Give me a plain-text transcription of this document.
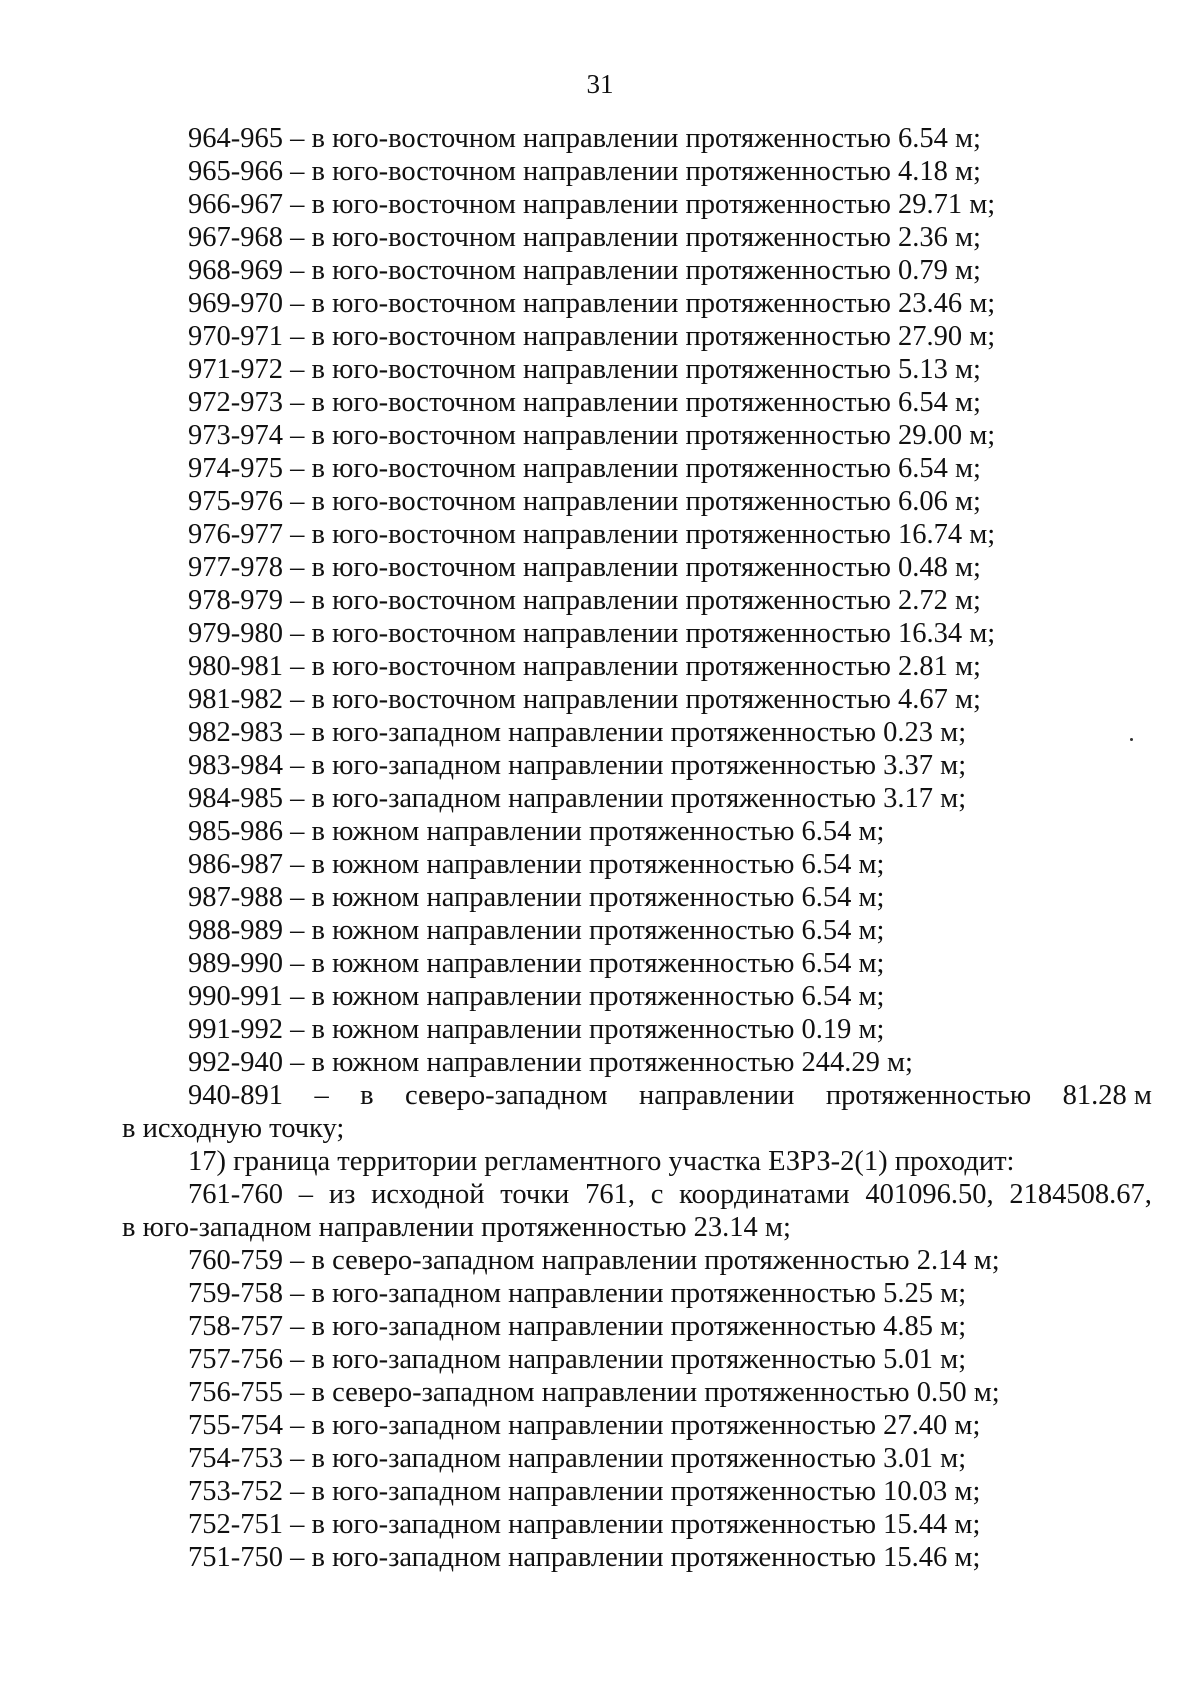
31
964-965 – в юго-восточном направлении протяженностью 6.54 м;
965-966 – в юго-восточном направлении протяженностью 4.18 м;
966-967 – в юго-восточном направлении протяженностью 29.71 м;
967-968 – в юго-восточном направлении протяженностью 2.36 м;
968-969 – в юго-восточном направлении протяженностью 0.79 м;
969-970 – в юго-восточном направлении протяженностью 23.46 м;
970-971 – в юго-восточном направлении протяженностью 27.90 м;
971-972 – в юго-восточном направлении протяженностью 5.13 м;
972-973 – в юго-восточном направлении протяженностью 6.54 м;
973-974 – в юго-восточном направлении протяженностью 29.00 м;
974-975 – в юго-восточном направлении протяженностью 6.54 м;
975-976 – в юго-восточном направлении протяженностью 6.06 м;
976-977 – в юго-восточном направлении протяженностью 16.74 м;
977-978 – в юго-восточном направлении протяженностью 0.48 м;
978-979 – в юго-восточном направлении протяженностью 2.72 м;
979-980 – в юго-восточном направлении протяженностью 16.34 м;
980-981 – в юго-восточном направлении протяженностью 2.81 м;
981-982 – в юго-восточном направлении протяженностью 4.67 м;
982-983 – в юго-западном направлении протяженностью 0.23 м;
983-984 – в юго-западном направлении протяженностью 3.37 м;
984-985 – в юго-западном направлении протяженностью 3.17 м;
985-986 – в южном направлении протяженностью 6.54 м;
986-987 – в южном направлении протяженностью 6.54 м;
987-988 – в южном направлении протяженностью 6.54 м;
988-989 – в южном направлении протяженностью 6.54 м;
989-990 – в южном направлении протяженностью 6.54 м;
990-991 – в южном направлении протяженностью 6.54 м;
991-992 – в южном направлении протяженностью 0.19 м;
992-940 – в южном направлении протяженностью 244.29 м;
940-891 – в северо-западном направлении протяженностью 81.28 м
в исходную точку;
17) граница территории регламентного участка ЕЗРЗ-2(1) проходит:
761-760 – из исходной точки 761, с координатами 401096.50, 2184508.67,
в юго-западном направлении протяженностью 23.14 м;
760-759 – в северо-западном направлении протяженностью 2.14 м;
759-758 – в юго-западном направлении протяженностью 5.25 м;
758-757 – в юго-западном направлении протяженностью 4.85 м;
757-756 – в юго-западном направлении протяженностью 5.01 м;
756-755 – в северо-западном направлении протяженностью 0.50 м;
755-754 – в юго-западном направлении протяженностью 27.40 м;
754-753 – в юго-западном направлении протяженностью 3.01 м;
753-752 – в юго-западном направлении протяженностью 10.03 м;
752-751 – в юго-западном направлении протяженностью 15.44 м;
751-750 – в юго-западном направлении протяженностью 15.46 м;
